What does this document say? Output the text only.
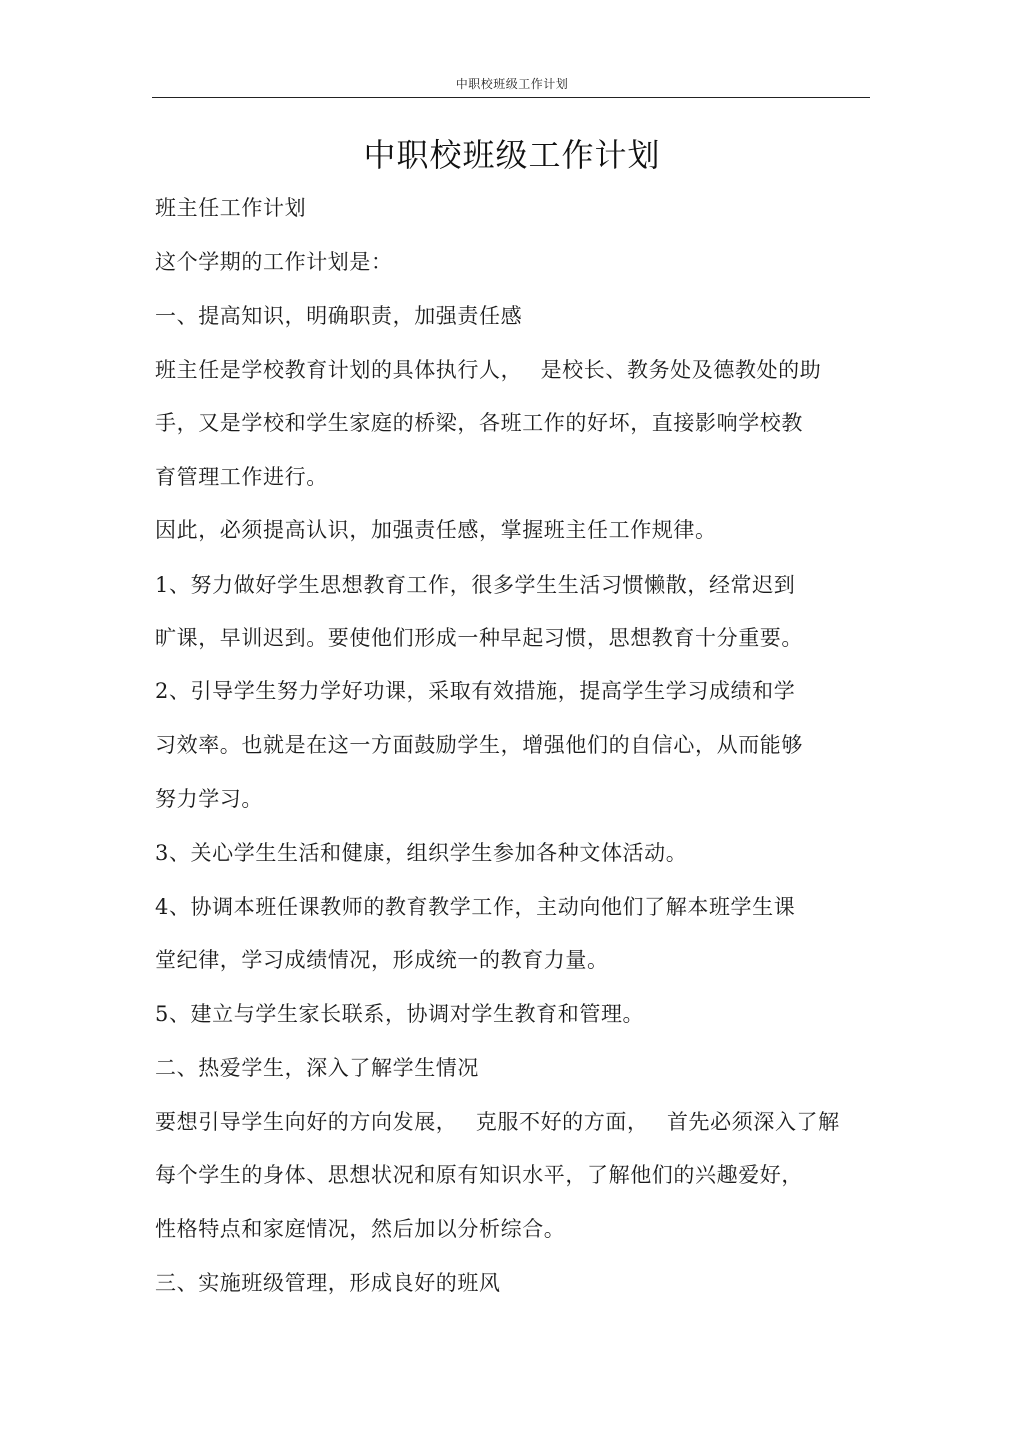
中职校班级工作计划
中职校班级工作计划
班主任工作计划
这个学期的工作计划是：
一、提高知识，明确职责，加强责任感
班主任是学校教育计划的具体执行人，　 是校长、教务处及德教处的助
手，又是学校和学生家庭的桥梁，各班工作的好坏，直接影响学校教
育管理工作进行。
因此，必须提高认识，加强责任感，掌握班主任工作规律。
1、努力做好学生思想教育工作，很多学生生活习惯懒散，经常迟到
旷课，早训迟到。要使他们形成一种早起习惯，思想教育十分重要。
2、引导学生努力学好功课，采取有效措施，提高学生学习成绩和学
习效率。也就是在这一方面鼓励学生，增强他们的自信心，从而能够
努力学习。
3、关心学生生活和健康，组织学生参加各种文体活动。
4、协调本班任课教师的教育教学工作，主动向他们了解本班学生课
堂纪律，学习成绩情况，形成统一的教育力量。
5、建立与学生家长联系，协调对学生教育和管理。
二、热爱学生，深入了解学生情况
要想引导学生向好的方向发展，　 克服不好的方面，　 首先必须深入了解
每个学生的身体、思想状况和原有知识水平，了解他们的兴趣爱好，
性格特点和家庭情况，然后加以分析综合。
三、实施班级管理，形成良好的班风
